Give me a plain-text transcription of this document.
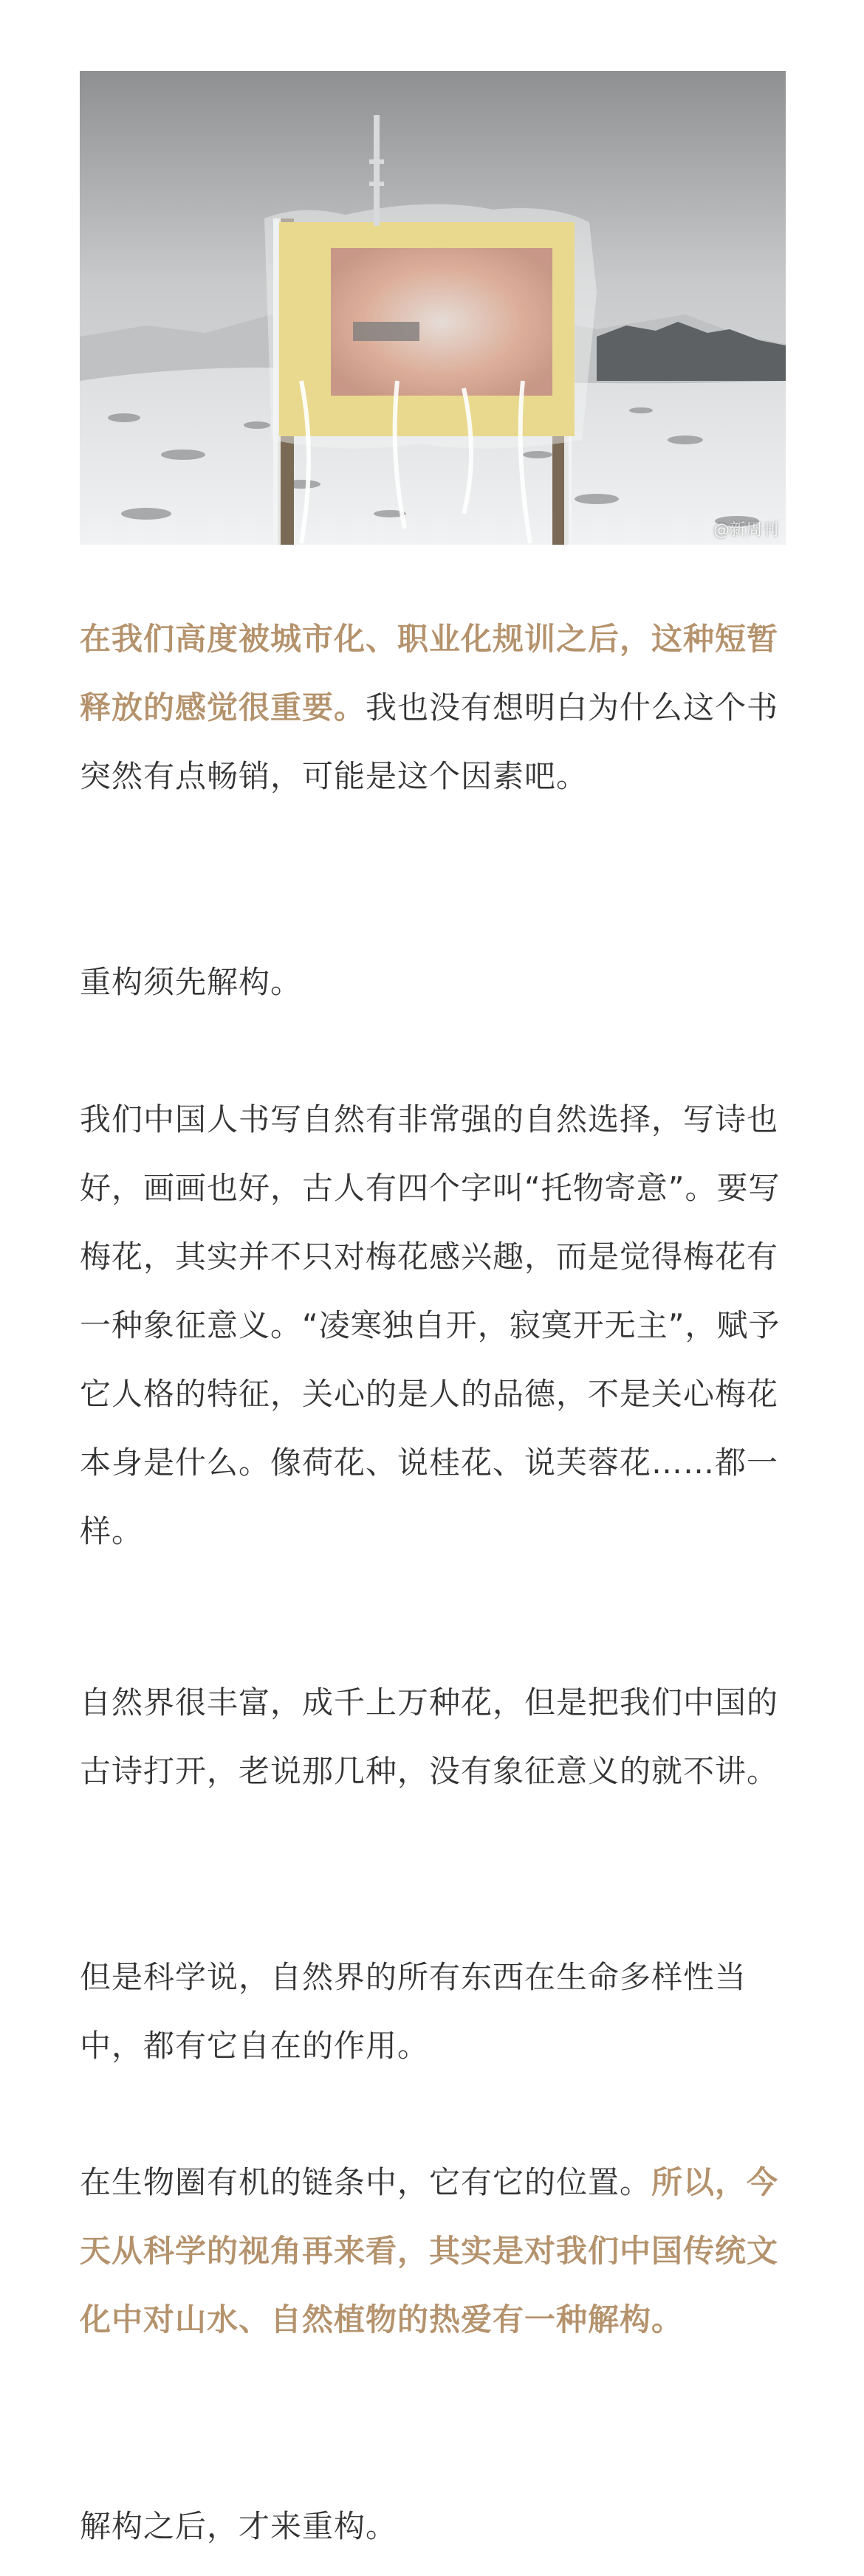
@新周刊

在我们高度被城市化、职业化规训之后，这种短暂释放的感觉很重要。我也没有想明白为什么这个书突然有点畅销，可能是这个因素吧。

重构须先解构。

我们中国人书写自然有非常强的自然选择，写诗也好，画画也好，古人有四个字叫“托物寄意”。要写梅花，其实并不只对梅花感兴趣，而是觉得梅花有一种象征意义。“凌寒独自开，寂寞开无主”，赋予它人格的特征，关心的是人的品德，不是关心梅花本身是什么。像荷花、说桂花、说芙蓉花……都一样。

自然界很丰富，成千上万种花，但是把我们中国的古诗打开，老说那几种，没有象征意义的就不讲。

但是科学说，自然界的所有东西在生命多样性当中，都有它自在的作用。

在生物圈有机的链条中，它有它的位置。所以，今天从科学的视角再来看，其实是对我们中国传统文化中对山水、自然植物的热爱有一种解构。

解构之后，才来重构。
